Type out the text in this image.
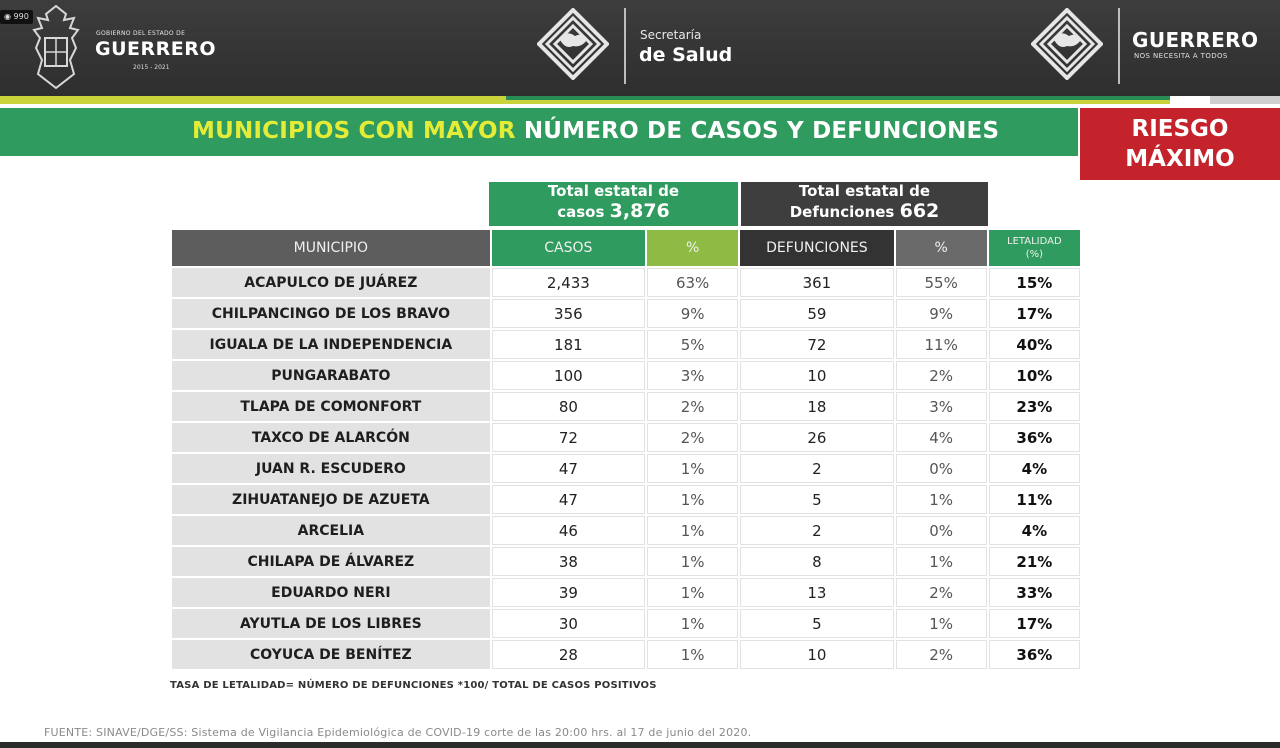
◉ 990
GOBIERNO DEL ESTADO DE
GUERRERO
2015 - 2021
Secretaría
de Salud
GUERRERO
NOS NECESITA A TODOS
MUNICIPIOS CON MAYOR NÚMERO DE CASOS Y DEFUNCIONES	RIESGO
MÁXIMO
Total estatal de
casos 3,876
Total estatal de
Defunciones 662
MUNICIPIO	CASOS	%	DEFUNCIONES	%	LETALIDAD
(%)

ACAPULCO DE JUÁREZ	2,433	63%	361	55%	15%
CHILPANCINGO DE LOS BRAVO	356	9%	59	9%	17%
IGUALA DE LA INDEPENDENCIA	181	5%	72	11%	40%
PUNGARABATO	100	3%	10	2%	10%
TLAPA DE COMONFORT	80	2%	18	3%	23%
TAXCO DE ALARCÓN	72	2%	26	4%	36%
JUAN R. ESCUDERO	47	1%	2	0%	4%
ZIHUATANEJO DE AZUETA	47	1%	5	1%	11%
ARCELIA	46	1%	2	0%	4%
CHILAPA DE ÁLVAREZ	38	1%	8	1%	21%
EDUARDO NERI	39	1%	13	2%	33%
AYUTLA DE LOS LIBRES	30	1%	5	1%	17%
COYUCA DE BENÍTEZ	28	1%	10	2%	36%
TASA DE LETALIDAD= NÚMERO DE DEFUNCIONES *100/ TOTAL DE CASOS POSITIVOS
FUENTE: SINAVE/DGE/SS: Sistema de Vigilancia Epidemiológica de COVID-19 corte de las 20:00 hrs. al 17 de junio del 2020.
